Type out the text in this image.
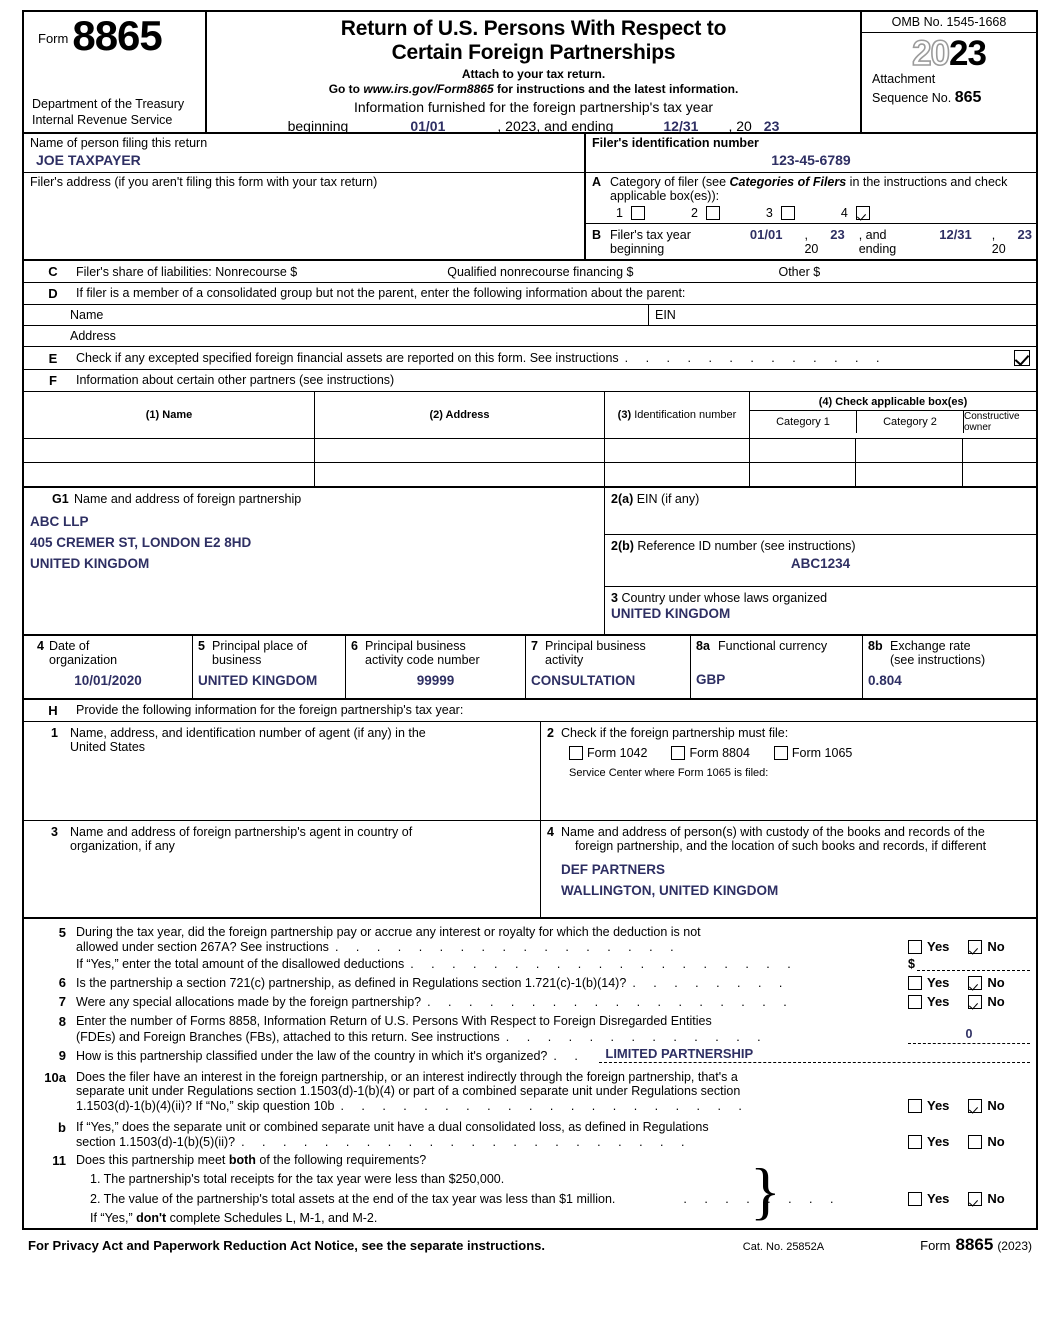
Form 8865
Department of the Treasury
Internal Revenue Service
Return of U.S. Persons With Respect to
Certain Foreign Partnerships
Attach to your tax return.
Go to www.irs.gov/Form8865 for instructions and the latest information.
Information furnished for the foreign partnership's tax year
beginning	01/01	, 2023, and ending	12/31 , 20 23
OMB No. 1545-1668
2023
Attachment
Sequence No. 865
Name of person filing this return
JOE TAXPAYER
Filer's identification number
123-45-6789
Filer's address (if you aren't filing this form with your tax return)	A Category of filer (see Categories of Filers in the instructions and check applicable box(es)):
1	2	3	4
B Filer's tax year beginning
01/01 , 20
23 , and ending
12/31 , 20
23
C	Filer's share of liabilities: Nonrecourse $	Qualified nonrecourse financing $	Other $
D	If filer is a member of a consolidated group but not the parent, enter the following information about the parent:
Name	EIN
Address
E	Check if any excepted specified foreign financial assets are reported on this form. See instructions . . . . . . . . . . . . .
F	Information about certain other partners (see instructions)
(1) Name	(2) Address	(3) Identification number
(4) Check applicable box(es)
Category 1	Category 2	Constructive owner
G1 Name and address of foreign partnership
ABC LLP
405 CREMER ST, LONDON E2 8HD
UNITED KINGDOM
2(a) EIN (if any)
2(b) Reference ID number (see instructions)
ABC1234
3 Country under whose laws organized
UNITED KINGDOM
4 Date of
organization
10/01/2020
5 Principal place of
business
UNITED KINGDOM
6 Principal business
activity code number
99999
7 Principal business
activity
CONSULTATION
8a Functional currency
GBP
8b Exchange rate
(see instructions)
0.804
H	Provide the following information for the foreign partnership's tax year:
1 Name, address, and identification number of agent (if any) in the
United States
2 Check if the foreign partnership must file:
Form 1042	Form 8804	Form 1065
Service Center where Form 1065 is filed:
3 Name and address of foreign partnership's agent in country of
organization, if any
4 Name and address of person(s) with custody of the books and records of the
foreign partnership, and the location of such books and records, if different
DEF PARTNERS
WALLINGTON, UNITED KINGDOM
5 During the tax year, did the foreign partnership pay or accrue any interest or royalty for which the deduction is not
allowed under section 267A? See instructions . . . . . . . . . . . . . . . . .	Yes	No
If “Yes,” enter the total amount of the disallowed deductions . . . . . . . . . . . . . . . . . . .	$
6 Is the partnership a section 721(c) partnership, as defined in Regulations section 1.721(c)-1(b)(14)? . . . . . . . .	Yes	No
7 Were any special allocations made by the foreign partnership? . . . . . . . . . . . . . . . . . .	Yes	No
8 Enter the number of Forms 8858, Information Return of U.S. Persons With Respect to Foreign Disregarded Entities
(FDEs) and Foreign Branches (FBs), attached to this return. See instructions . . . . . . . . . . . . .	0
9 How is this partnership classified under the law of the country in which it's organized? . .	LIMITED PARTNERSHIP
10a Does the filer have an interest in the foreign partnership, or an interest indirectly through the foreign partnership, that's a
separate unit under Regulations section 1.1503(d)-1(b)(4) or part of a combined separate unit under Regulations section
1.1503(d)-1(b)(4)(ii)? If “No,” skip question 10b . . . . . . . . . . . . . . . . . . . .	Yes	No
b If “Yes,” does the separate unit or combined separate unit have a dual consolidated loss, as defined in Regulations
section 1.1503(d)-1(b)(5)(ii)? . . . . . . . . . . . . . . . . . . . . . .	Yes	No
11 Does this partnership meet both of the following requirements?
1. The partnership's total receipts for the tax year were less than $250,000.
2. The value of the partnership's total assets at the end of the tax year was less than $1 million.	. . . . . . . .	Yes	No
If “Yes,” don't complete Schedules L, M-1, and M-2.	}
For Privacy Act and Paperwork Reduction Act Notice, see the separate instructions.	Cat. No. 25852A	Form 8865 (2023)
